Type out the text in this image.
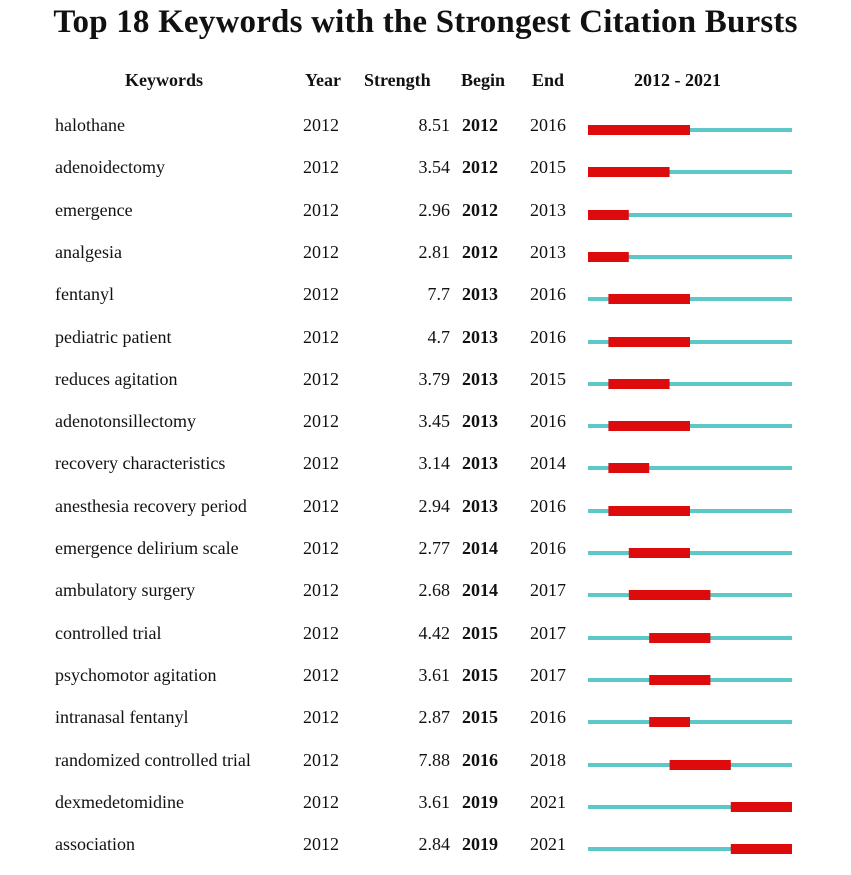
Top 18 Keywords with the Strongest Citation Bursts
Keywords	Year Strength Begin End	2012 - 2021
halothane	2012	8.51 2012 2016
adenoidectomy	2012	3.54 2012 2015
emergence	2012	2.96 2012 2013
analgesia	2012	2.81 2012 2013
fentanyl	2012	7.7 2013 2016
pediatric patient	2012	4.7 2013 2016
reduces agitation	2012	3.79 2013 2015
adenotonsillectomy	2012	3.45 2013 2016
recovery characteristics	2012	3.14 2013 2014
anesthesia recovery period	2012	2.94 2013 2016
emergence delirium scale	2012	2.77 2014 2016
ambulatory surgery	2012	2.68 2014 2017
controlled trial	2012	4.42 2015 2017
psychomotor agitation	2012	3.61 2015 2017
intranasal fentanyl	2012	2.87 2015 2016
randomized controlled trial	2012	7.88 2016 2018
dexmedetomidine	2012	3.61 2019 2021
association	2012	2.84 2019 2021
